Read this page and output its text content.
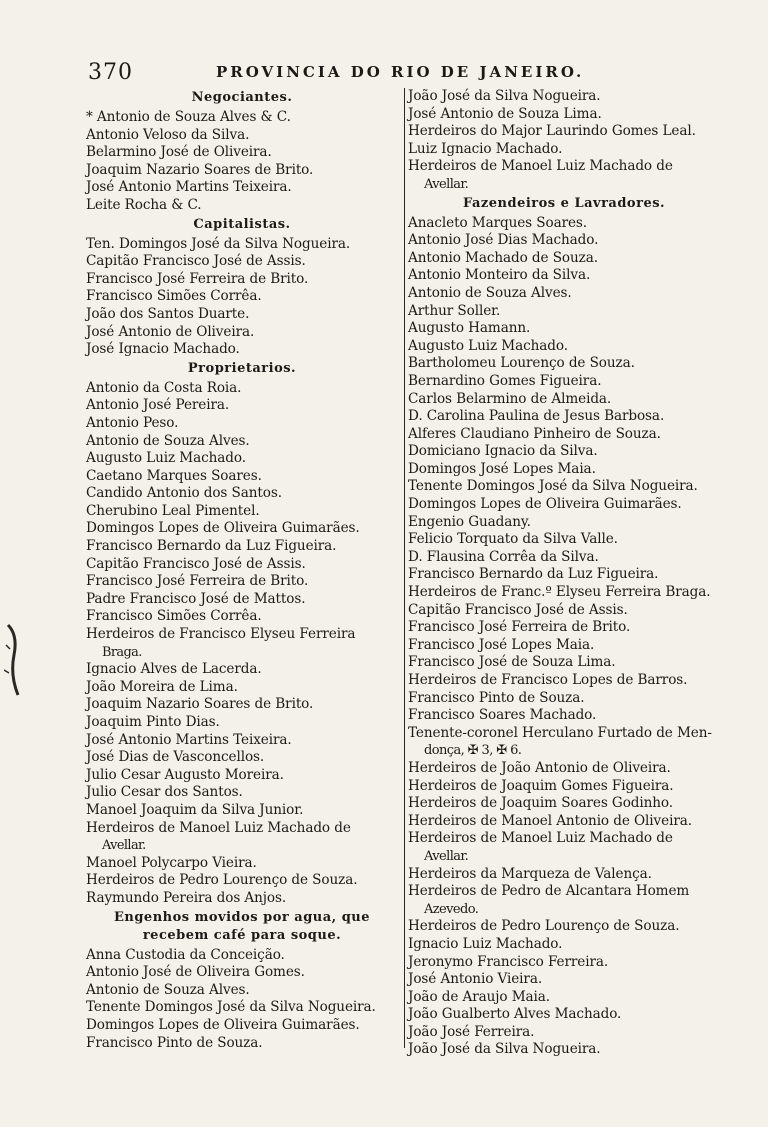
370	PROVINCIA DO RIO DE JANEIRO.
Negociantes.
* Antonio de Souza Alves & C.
Antonio Veloso da Silva.
Belarmino José de Oliveira.
Joaquim Nazario Soares de Brito.
José Antonio Martins Teixeira.
Leite Rocha & C.
Capitalistas.
Ten. Domingos José da Silva Nogueira.
Capitão Francisco José de Assis.
Francisco José Ferreira de Brito.
Francisco Simões Corrêa.
João dos Santos Duarte.
José Antonio de Oliveira.
José Ignacio Machado.
Proprietarios.
Antonio da Costa Roia.
Antonio José Pereira.
Antonio Peso.
Antonio de Souza Alves.
Augusto Luiz Machado.
Caetano Marques Soares.
Candido Antonio dos Santos.
Cherubino Leal Pimentel.
Domingos Lopes de Oliveira Guimarães.
Francisco Bernardo da Luz Figueira.
Capitão Francisco José de Assis.
Francisco José Ferreira de Brito.
Padre Francisco José de Mattos.
Francisco Simões Corrêa.
Herdeiros de Francisco Elyseu Ferreira
Braga.
Ignacio Alves de Lacerda.
João Moreira de Lima.
Joaquim Nazario Soares de Brito.
Joaquim Pinto Dias.
José Antonio Martins Teixeira.
José Dias de Vasconcellos.
Julio Cesar Augusto Moreira.
Julio Cesar dos Santos.
Manoel Joaquim da Silva Junior.
Herdeiros de Manoel Luiz Machado de
Avellar.
Manoel Polycarpo Vieira.
Herdeiros de Pedro Lourenço de Souza.
Raymundo Pereira dos Anjos.
Engenhos movidos por agua, que recebem café para soque.
Anna Custodia da Conceição.
Antonio José de Oliveira Gomes.
Antonio de Souza Alves.
Tenente Domingos José da Silva Nogueira.
Domingos Lopes de Oliveira Guimarães.
Francisco Pinto de Souza.
João José da Silva Nogueira.
José Antonio de Souza Lima.
Herdeiros do Major Laurindo Gomes Leal.
Luiz Ignacio Machado.
Herdeiros de Manoel Luiz Machado de
Avellar.
Fazendeiros e Lavradores.
Anacleto Marques Soares.
Antonio José Dias Machado.
Antonio Machado de Souza.
Antonio Monteiro da Silva.
Antonio de Souza Alves.
Arthur Soller.
Augusto Hamann.
Augusto Luiz Machado.
Bartholomeu Lourenço de Souza.
Bernardino Gomes Figueira.
Carlos Belarmino de Almeida.
D. Carolina Paulina de Jesus Barbosa.
Alferes Claudiano Pinheiro de Souza.
Domiciano Ignacio da Silva.
Domingos José Lopes Maia.
Tenente Domingos José da Silva Nogueira.
Domingos Lopes de Oliveira Guimarães.
Engenio Guadany.
Felicio Torquato da Silva Valle.
D. Flausina Corrêa da Silva.
Francisco Bernardo da Luz Figueira.
Herdeiros de Franc.º Elyseu Ferreira Braga.
Capitão Francisco José de Assis.
Francisco José Ferreira de Brito.
Francisco José Lopes Maia.
Francisco José de Souza Lima.
Herdeiros de Francisco Lopes de Barros.
Francisco Pinto de Souza.
Francisco Soares Machado.
Tenente-coronel Herculano Furtado de Men-
donça, ✠ 3, ✠ 6.
Herdeiros de João Antonio de Oliveira.
Herdeiros de Joaquim Gomes Figueira.
Herdeiros de Joaquim Soares Godinho.
Herdeiros de Manoel Antonio de Oliveira.
Herdeiros de Manoel Luiz Machado de
Avellar.
Herdeiros da Marqueza de Valença.
Herdeiros de Pedro de Alcantara Homem
Azevedo.
Herdeiros de Pedro Lourenço de Souza.
Ignacio Luiz Machado.
Jeronymo Francisco Ferreira.
José Antonio Vieira.
João de Araujo Maia.
João Gualberto Alves Machado.
João José Ferreira.
João José da Silva Nogueira.
